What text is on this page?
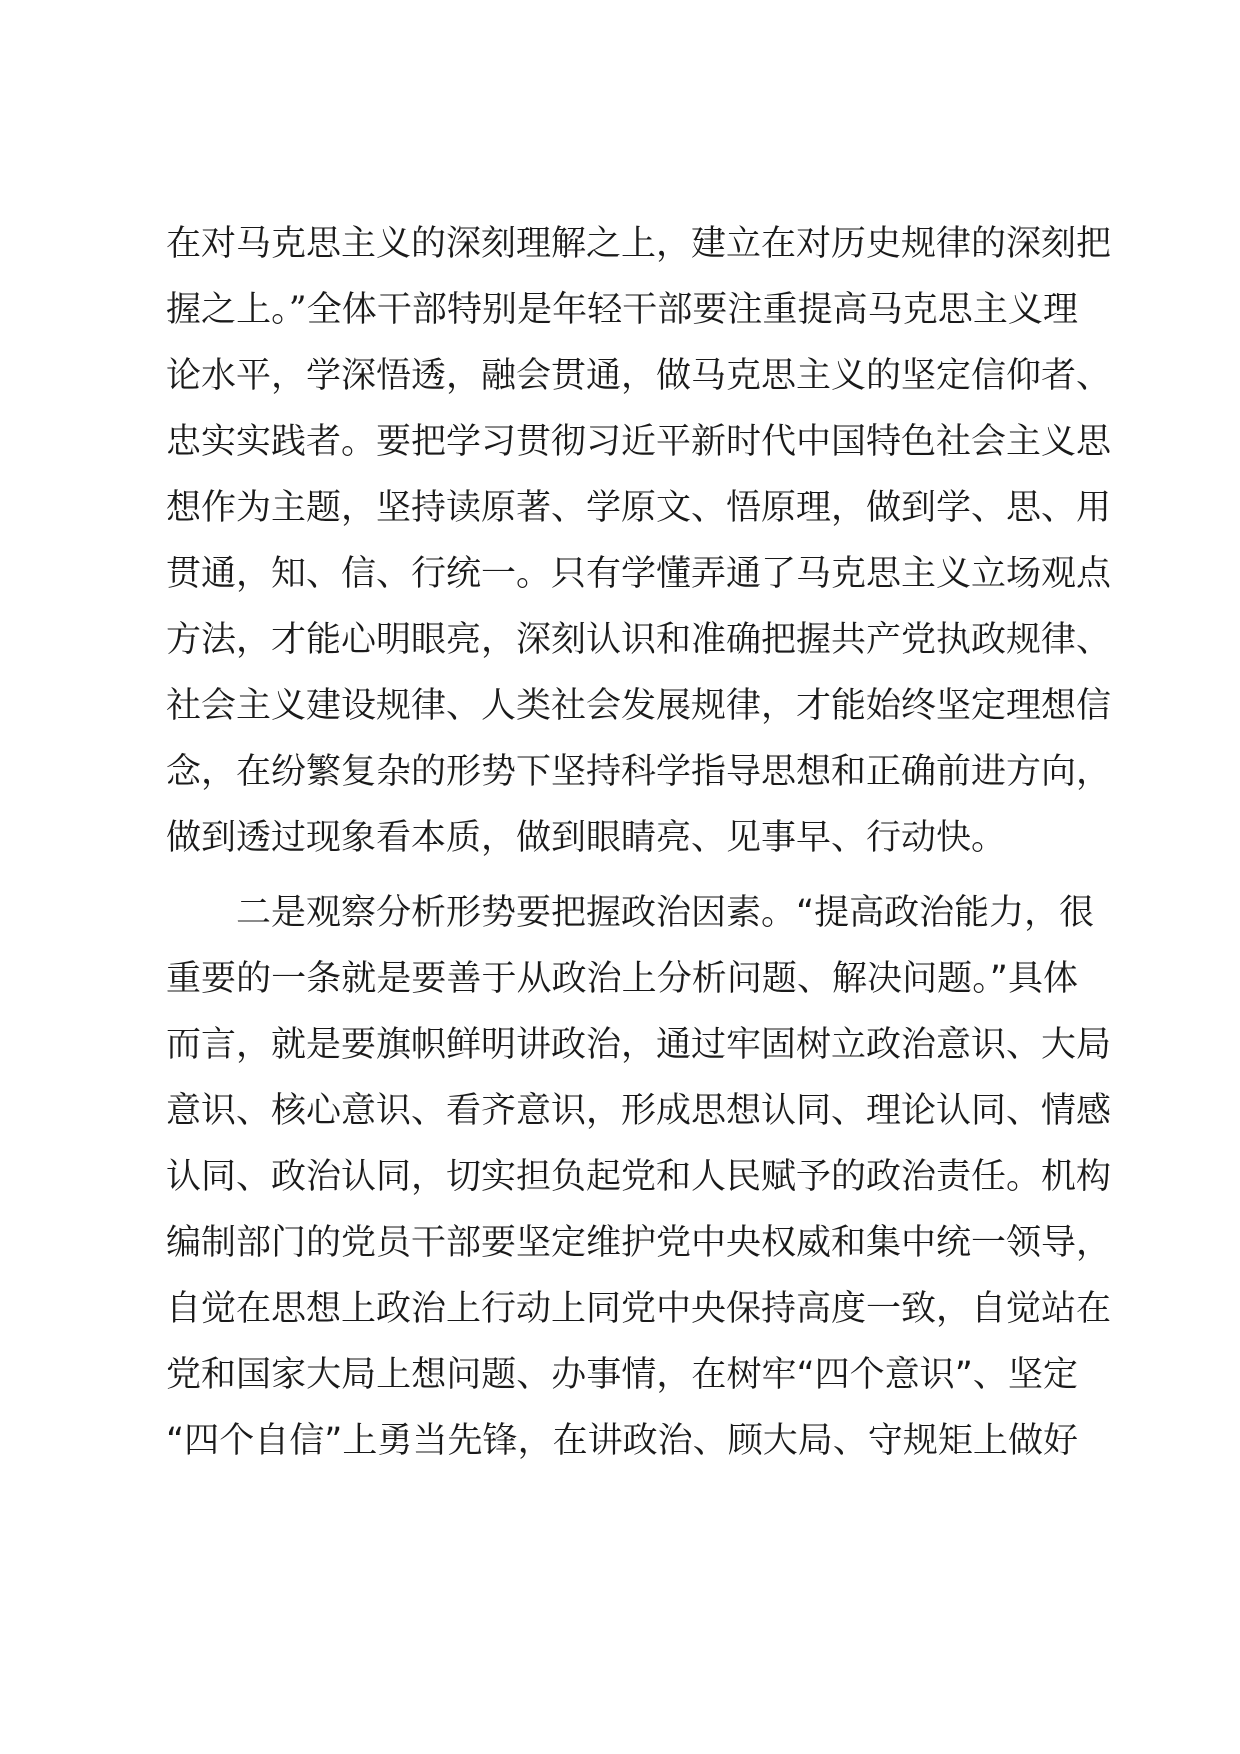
在对马克思主义的深刻理解之上，建立在对历史规律的深刻把
握之上。”全体干部特别是年轻干部要注重提高马克思主义理
论水平，学深悟透，融会贯通，做马克思主义的坚定信仰者、
忠实实践者。要把学习贯彻习近平新时代中国特色社会主义思
想作为主题，坚持读原著、学原文、悟原理，做到学、思、用
贯通，知、信、行统一。只有学懂弄通了马克思主义立场观点
方法，才能心明眼亮，深刻认识和准确把握共产党执政规律、
社会主义建设规律、人类社会发展规律，才能始终坚定理想信
念，在纷繁复杂的形势下坚持科学指导思想和正确前进方向，
做到透过现象看本质，做到眼睛亮、见事早、行动快。
二是观察分析形势要把握政治因素。“提高政治能力，很
重要的一条就是要善于从政治上分析问题、解决问题。”具体
而言，就是要旗帜鲜明讲政治，通过牢固树立政治意识、大局
意识、核心意识、看齐意识，形成思想认同、理论认同、情感
认同、政治认同，切实担负起党和人民赋予的政治责任。机构
编制部门的党员干部要坚定维护党中央权威和集中统一领导，
自觉在思想上政治上行动上同党中央保持高度一致，自觉站在
党和国家大局上想问题、办事情，在树牢“四个意识”、坚定
“四个自信”上勇当先锋，在讲政治、顾大局、守规矩上做好
